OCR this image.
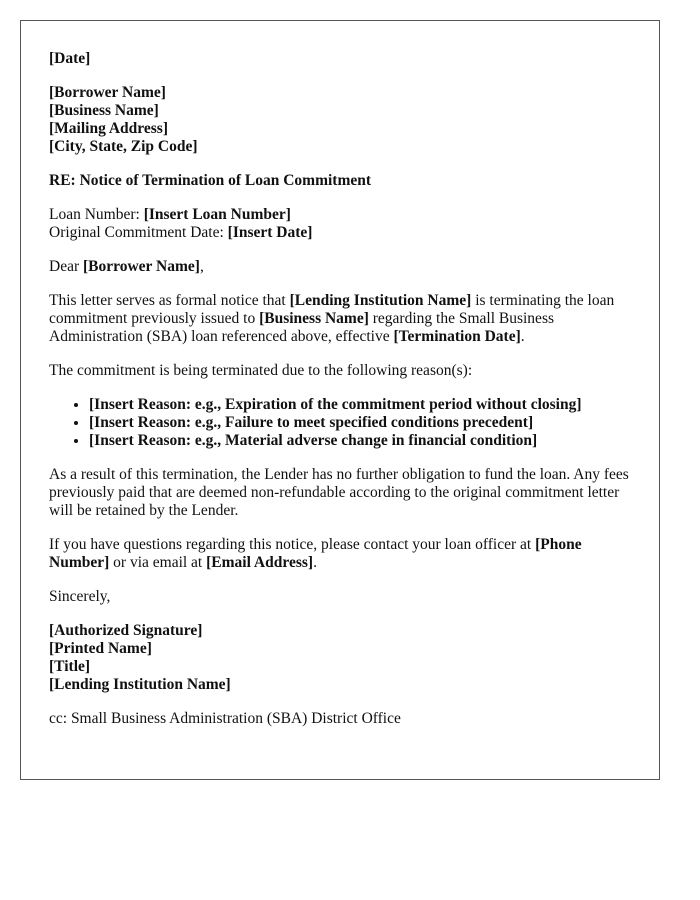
[Date]
[Borrower Name]
[Business Name]
[Mailing Address]
[City, State, Zip Code]
RE: Notice of Termination of Loan Commitment
Loan Number: [Insert Loan Number]
Original Commitment Date: [Insert Date]

Dear [Borrower Name],

This letter serves as formal notice that [Lending Institution Name] is terminating the loan commitment previously issued to [Business Name] regarding the Small Business Administration (SBA) loan referenced above, effective [Termination Date].

The commitment is being terminated due to the following reason(s):

• [Insert Reason: e.g., Expiration of the commitment period without closing]
• [Insert Reason: e.g., Failure to meet specified conditions precedent]
• [Insert Reason: e.g., Material adverse change in financial condition]

As a result of this termination, the Lender has no further obligation to fund the loan. Any fees previously paid that are deemed non-refundable according to the original commitment letter will be retained by the Lender.

If you have questions regarding this notice, please contact your loan officer at [Phone Number] or via email at [Email Address].

Sincerely,

[Authorized Signature]
[Printed Name]
[Title]
[Lending Institution Name]

cc: Small Business Administration (SBA) District Office
